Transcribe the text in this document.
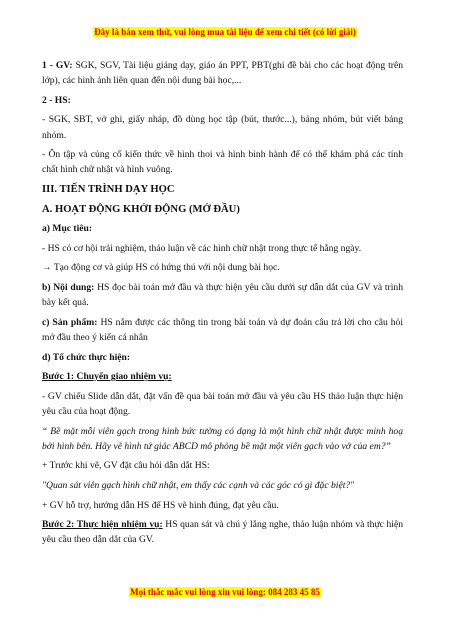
Đây là bản xem thử, vui lòng mua tài liệu để xem chi tiết (có lời giải)

1 - GV: SGK, SGV, Tài liệu giảng dạy, giáo án PPT, PBT(ghi đề bài cho các hoạt động trên lớp), các hình ảnh liên quan đến nội dung bài học,...

2 - HS:

- SGK, SBT, vở ghi, giấy nháp, đồ dùng học tập (bút, thước...), bảng nhóm, bút viết bảng nhóm.

- Ôn tập và củng cố kiến thức về hình thoi và hình bình hành để có thể khám phá các tính chất hình chữ nhật và hình vuông.

III. TIẾN TRÌNH DẠY HỌC

A. HOẠT ĐỘNG KHỞI ĐỘNG (MỞ ĐẦU)

a) Mục tiêu:

- HS có cơ hội trải nghiệm, thảo luận về các hình chữ nhật trong thực tế hằng ngày.

→ Tạo động cơ và giúp HS có hứng thú với nội dung bài học.

b) Nội dung: HS đọc bài toán mở đầu và thực hiện yêu cầu dưới sự dẫn dắt của GV và trình bày kết quả.

c) Sản phẩm: HS nắm được các thông tin trong bài toán và dự đoán câu trả lời cho câu hỏi mở đầu theo ý kiến cá nhân

d) Tổ chức thực hiện:

Bước 1: Chuyển giao nhiệm vụ:

- GV chiếu Slide dẫn dắt, đặt vấn đề qua bài toán mở đầu và yêu cầu HS thảo luận thực hiện yêu cầu của hoạt động.

“ Bề mặt mỗi viên gạch trong hình bức tường có dạng là một hình chữ nhật được minh hoạ bởi hình bên. Hãy vẽ hình tứ giác ABCD mô phỏng bề mặt một viên gạch vào vở của em?”

+ Trước khi vẽ, GV đặt câu hỏi dẫn dắt HS:

"Quan sát viên gạch hình chữ nhật, em thấy các cạnh và các góc có gì đặc biệt?"

+ GV hỗ trợ, hướng dẫn HS để HS vẽ hình đúng, đạt yêu cầu.

Bước 2: Thực hiện nhiệm vụ: HS quan sát và chú ý lắng nghe, thảo luận nhóm và thực hiện yêu cầu theo dẫn dắt của GV.

Mọi thắc mắc vui lòng xin vui lòng: 084 283 45 85
